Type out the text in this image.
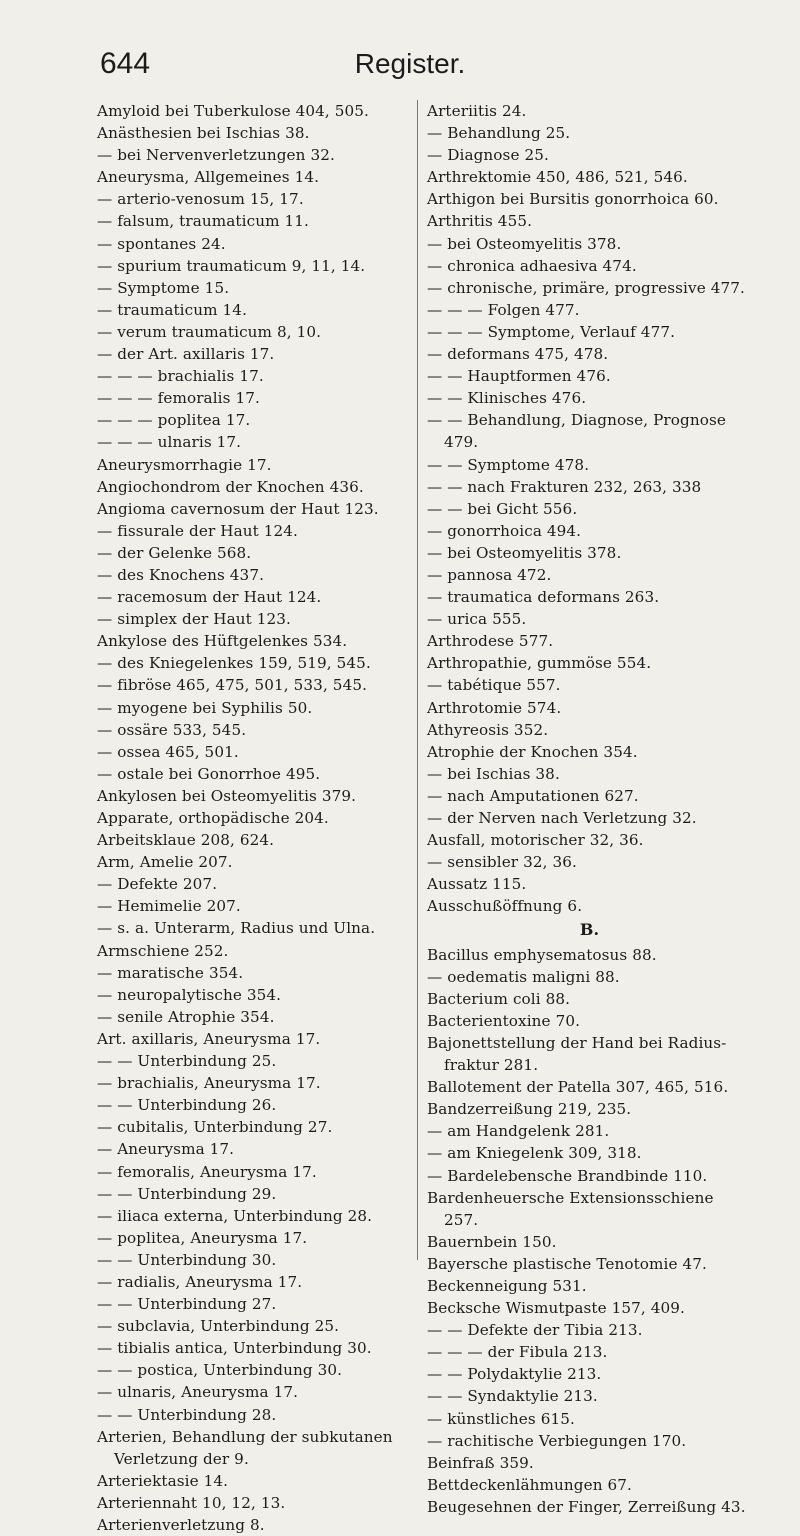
644	Register.

Amyloid bei Tuberkulose 404, 505.

Anästhesien bei Ischias 38.

— bei Nervenverletzungen 32.

Aneurysma, Allgemeines 14.

— arterio-venosum 15, 17.

— falsum, traumaticum 11.

— spontanes 24.

— spurium traumaticum 9, 11, 14.

— Symptome 15.

— traumaticum 14.

— verum traumaticum 8, 10.

— der Art. axillaris 17.

— — — brachialis 17.

— — — femoralis 17.

— — — poplitea 17.

— — — ulnaris 17.

Aneurysmorrhagie 17.

Angiochondrom der Knochen 436.

Angioma cavernosum der Haut 123.

— fissurale der Haut 124.

— der Gelenke 568.

— des Knochens 437.

— racemosum der Haut 124.

— simplex der Haut 123.

Ankylose des Hüftgelenkes 534.

— des Kniegelenkes 159, 519, 545.

— fibröse 465, 475, 501, 533, 545.

— myogene bei Syphilis 50.

— ossäre 533, 545.

— ossea 465, 501.

— ostale bei Gonorrhoe 495.

Ankylosen bei Osteomyelitis 379.

Apparate, orthopädische 204.

Arbeitsklaue 208, 624.

Arm, Amelie 207.

— Defekte 207.

— Hemimelie 207.

— s. a. Unterarm, Radius und Ulna.

Armschiene 252.

— maratische 354.

— neuropalytische 354.

— senile Atrophie 354.

Art. axillaris, Aneurysma 17.

— — Unterbindung 25.

— brachialis, Aneurysma 17.

— — Unterbindung 26.

— cubitalis, Unterbindung 27.

— Aneurysma 17.

— femoralis, Aneurysma 17.

— — Unterbindung 29.

— iliaca externa, Unterbindung 28.

— poplitea, Aneurysma 17.

— — Unterbindung 30.

— radialis, Aneurysma 17.

— — Unterbindung 27.

— subclavia, Unterbindung 25.

— tibialis antica, Unterbindung 30.

— — postica, Unterbindung 30.

— ulnaris, Aneurysma 17.

— — Unterbindung 28.

Arterien, Behandlung der subkutanen Verletzung der 9.

Arteriektasie 14.

Arteriennaht 10, 12, 13.

Arterienverletzung 8.

Arteriitis 24.

— Behandlung 25.

— Diagnose 25.

Arthrektomie 450, 486, 521, 546.

Arthigon bei Bursitis gonorrhoica 60.

Arthritis 455.

— bei Osteomyelitis 378.

— chronica adhaesiva 474.

— chronische, primäre, progressive 477.

— — — Folgen 477.

— — — Symptome, Verlauf 477.

— deformans 475, 478.

— — Hauptformen 476.

— — Klinisches 476.

— — Behandlung, Diagnose, Prognose 479.

— — Symptome 478.

— — nach Frakturen 232, 263, 338

— — bei Gicht 556.

— gonorrhoica 494.

— bei Osteomyelitis 378.

— pannosa 472.

— traumatica deformans 263.

— urica 555.

Arthrodese 577.

Arthropathie, gummöse 554.

— tabétique 557.

Arthrotomie 574.

Athyreosis 352.

Atrophie der Knochen 354.

— bei Ischias 38.

— nach Amputationen 627.

— der Nerven nach Verletzung 32.

Ausfall, motorischer 32, 36.

— sensibler 32, 36.

Aussatz 115.

Ausschußöffnung 6.

B.

Bacillus emphysematosus 88.

— oedematis maligni 88.

Bacterium coli 88.

Bacterientoxine 70.

Bajonettstellung der Hand bei Radius-fraktur 281.

Ballotement der Patella 307, 465, 516.

Bandzerreißung 219, 235.

— am Handgelenk 281.

— am Kniegelenk 309, 318.

— Bardelebensche Brandbinde 110.

Bardenheuersche Extensionsschiene 257.

Bauernbein 150.

Bayersche plastische Tenotomie 47.

Beckenneigung 531.

Becksche Wismutpaste 157, 409.

— — Defekte der Tibia 213.

— — — der Fibula 213.

— — Polydaktylie 213.

— — Syndaktylie 213.

— künstliches 615.

— rachitische Verbiegungen 170.

Beinfraß 359.

Bettdeckenlähmungen 67.

Beugesehnen der Finger, Zerreißung 43.
